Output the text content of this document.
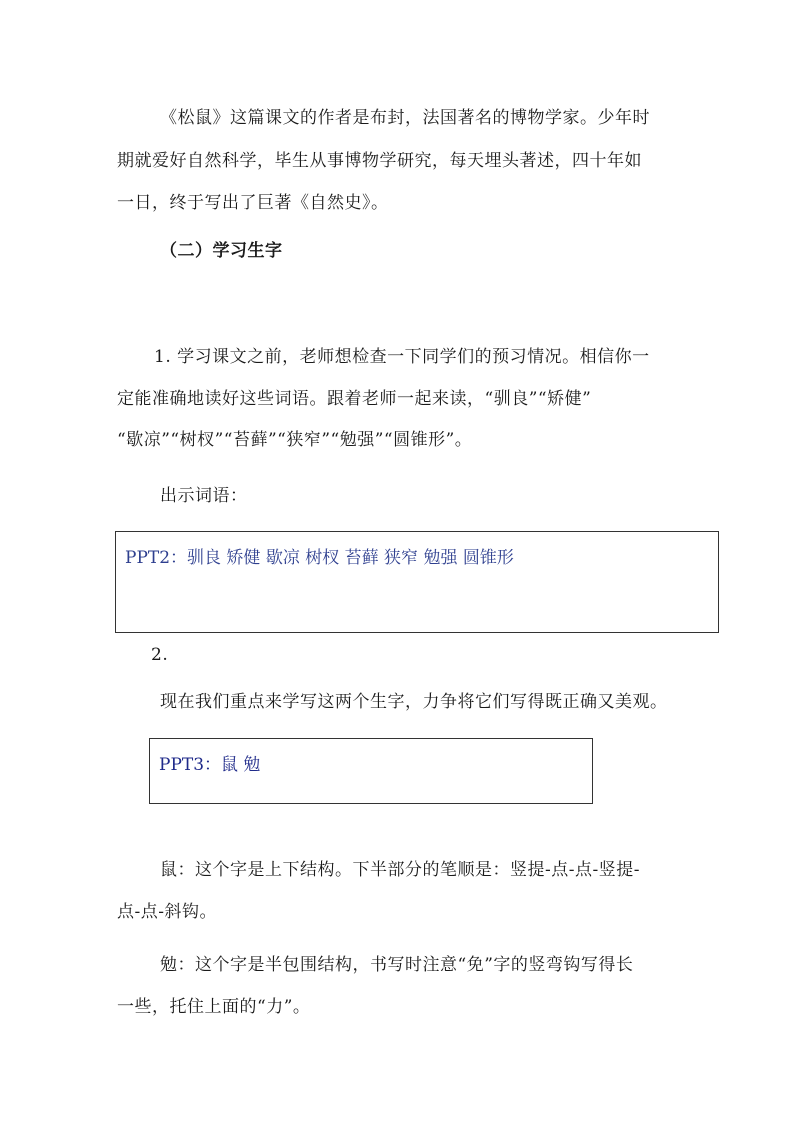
《松鼠》这篇课文的作者是布封，法国著名的博物学家。少年时
期就爱好自然科学，毕生从事博物学研究，每天埋头著述，四十年如
一日，终于写出了巨著《自然史》。
（二）学习生字
1. 学习课文之前，老师想检查一下同学们的预习情况。相信你一
定能准确地读好这些词语。跟着老师一起来读，“驯良”“矫健”
“歇凉”“树杈”“苔藓”“狭窄”“勉强”“圆锥形”。
出示词语：
PPT2：驯良 矫健 歇凉 树杈 苔藓 狭窄 勉强 圆锥形
2.
现在我们重点来学写这两个生字，力争将它们写得既正确又美观。
PPT3：鼠 勉
鼠：这个字是上下结构。下半部分的笔顺是：竖提-点-点-竖提-
点-点-斜钩。
勉：这个字是半包围结构，书写时注意“免”字的竖弯钩写得长
一些，托住上面的“力”。
